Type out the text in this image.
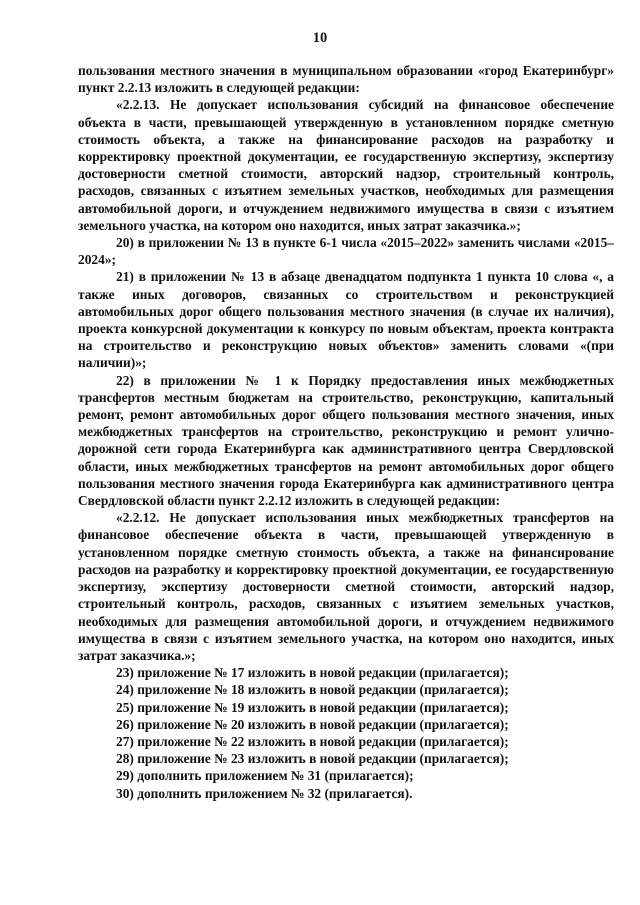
10

пользования местного значения в муниципальном образовании «город Екатеринбург» пункт 2.2.13 изложить в следующей редакции:

«2.2.13. Не допускает использования субсидий на финансовое обеспечение объекта в части, превышающей утвержденную в установленном порядке сметную стоимость объекта, а также на финансирование расходов на разработку и корректировку проектной документации, ее государственную экспертизу, экспертизу достоверности сметной стоимости, авторский надзор, строительный контроль, расходов, связанных с изъятием земельных участков, необходимых для размещения автомобильной дороги, и отчуждением недвижимого имущества в связи с изъятием земельного участка, на котором оно находится, иных затрат заказчика.»;

20) в приложении № 13 в пункте 6-1 числа «2015–2022» заменить числами «2015–2024»;

21) в приложении № 13 в абзаце двенадцатом подпункта 1 пункта 10 слова «, а также иных договоров, связанных со строительством и реконструкцией автомобильных дорог общего пользования местного значения (в случае их наличия), проекта конкурсной документации к конкурсу по новым объектам, проекта контракта на строительство и реконструкцию новых объектов» заменить словами «(при наличии)»;

22) в приложении № 1 к Порядку предоставления иных межбюджетных трансфертов местным бюджетам на строительство, реконструкцию, капитальный ремонт, ремонт автомобильных дорог общего пользования местного значения, иных межбюджетных трансфертов на строительство, реконструкцию и ремонт улично-дорожной сети города Екатеринбурга как административного центра Свердловской области, иных межбюджетных трансфертов на ремонт автомобильных дорог общего пользования местного значения города Екатеринбурга как административного центра Свердловской области пункт 2.2.12 изложить в следующей редакции:

«2.2.12. Не допускает использования иных межбюджетных трансфертов на финансовое обеспечение объекта в части, превышающей утвержденную в установленном порядке сметную стоимость объекта, а также на финансирование расходов на разработку и корректировку проектной документации, ее государственную экспертизу, экспертизу достоверности сметной стоимости, авторский надзор, строительный контроль, расходов, связанных с изъятием земельных участков, необходимых для размещения автомобильной дороги, и отчуждением недвижимого имущества в связи с изъятием земельного участка, на котором оно находится, иных затрат заказчика.»;

23) приложение № 17 изложить в новой редакции (прилагается);

24) приложение № 18 изложить в новой редакции (прилагается);

25) приложение № 19 изложить в новой редакции (прилагается);

26) приложение № 20 изложить в новой редакции (прилагается);

27) приложение № 22 изложить в новой редакции (прилагается);

28) приложение № 23 изложить в новой редакции (прилагается);

29) дополнить приложением № 31 (прилагается);

30) дополнить приложением № 32 (прилагается).
